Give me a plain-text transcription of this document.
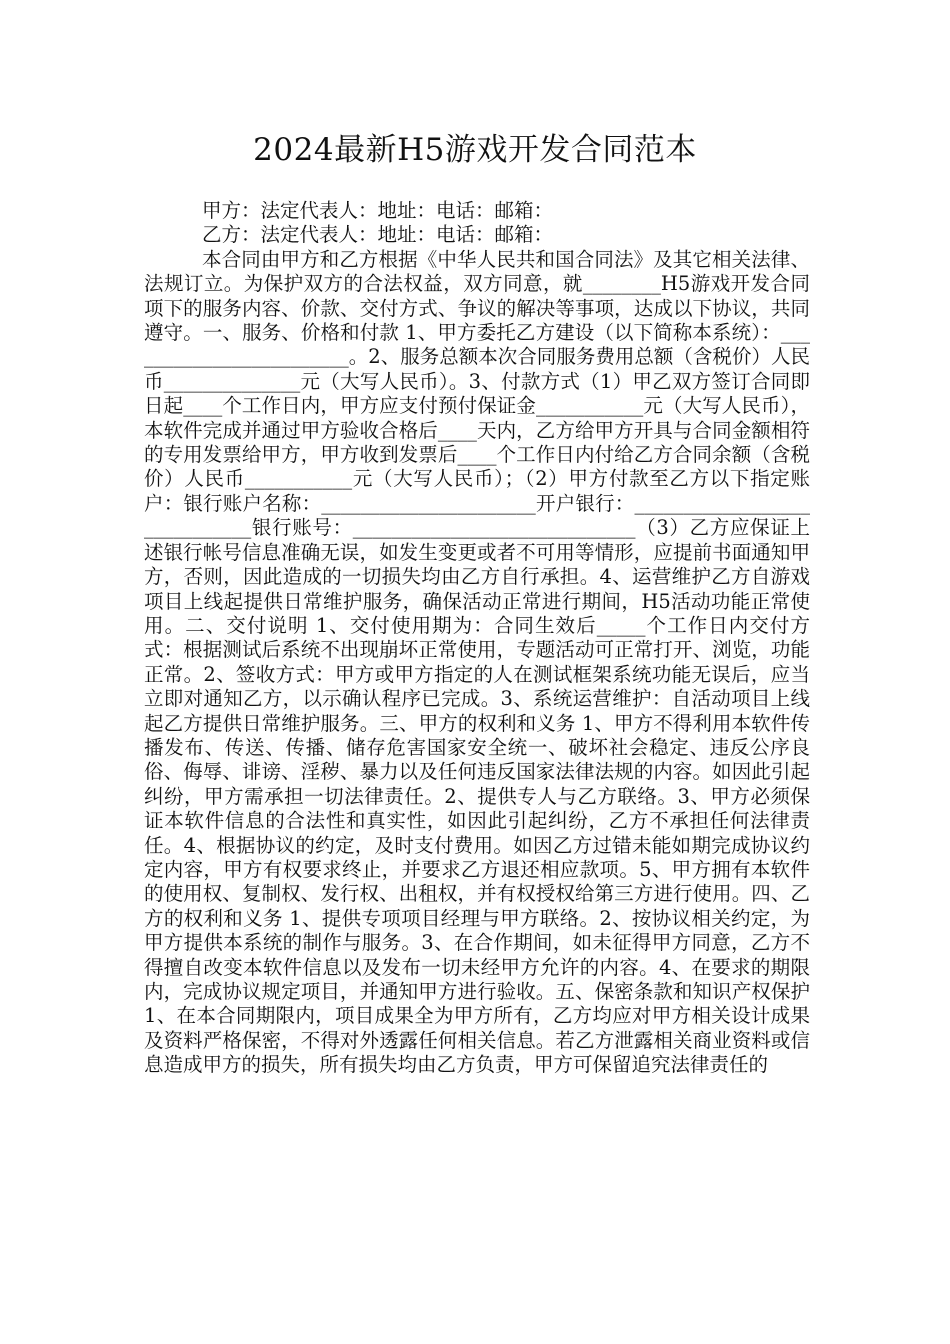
2024最新H5游戏开发合同范本

甲方：法定代表人：地址：电话：邮箱：

乙方：法定代表人：地址：电话：邮箱：

本合同由甲方和乙方根据《中华人民共和国合同法》及其它相关法律、法规订立。为保护双方的合法权益，双方同意，就________H5游戏开发合同项下的服务内容、价款、交付方式、争议的解决等事项，达成以下协议，共同遵守。一、服务、价格和付款 1、甲方委托乙方建设（以下简称本系统）：________________________。2、服务总额本次合同服务费用总额（含税价）人民币______________元（大写人民币）。3、付款方式（1）甲乙双方签订合同即日起____个工作日内，甲方应支付预付保证金___________元（大写人民币），本软件完成并通过甲方验收合格后____天内，乙方给甲方开具与合同金额相符的专用发票给甲方，甲方收到发票后____个工作日内付给乙方合同余额（含税价）人民币___________元（大写人民币）；（2）甲方付款至乙方以下指定账户：银行账户名称：______________________开户银行：_____________________________银行账号：_____________________________（3）乙方应保证上述银行帐号信息准确无误，如发生变更或者不可用等情形，应提前书面通知甲方，否则，因此造成的一切损失均由乙方自行承担。4、运营维护乙方自游戏项目上线起提供日常维护服务，确保活动正常进行期间，H5活动功能正常使用。二、交付说明 1、交付使用期为：合同生效后_____个工作日内交付方式：根据测试后系统不出现崩坏正常使用，专题活动可正常打开、浏览，功能正常。2、签收方式：甲方或甲方指定的人在测试框架系统功能无误后，应当立即对通知乙方，以示确认程序已完成。3、系统运营维护：自活动项目上线起乙方提供日常维护服务。三、甲方的权利和义务 1、甲方不得利用本软件传播发布、传送、传播、储存危害国家安全统一、破坏社会稳定、违反公序良俗、侮辱、诽谤、淫秽、暴力以及任何违反国家法律法规的内容。如因此引起纠纷，甲方需承担一切法律责任。2、提供专人与乙方联络。3、甲方必须保证本软件信息的合法性和真实性，如因此引起纠纷，乙方不承担任何法律责任。4、根据协议的约定，及时支付费用。如因乙方过错未能如期完成协议约定内容，甲方有权要求终止，并要求乙方退还相应款项。5、甲方拥有本软件的使用权、复制权、发行权、出租权，并有权授权给第三方进行使用。四、乙方的权利和义务 1、提供专项项目经理与甲方联络。2、按协议相关约定，为甲方提供本系统的制作与服务。3、在合作期间，如未征得甲方同意，乙方不得擅自改变本软件信息以及发布一切未经甲方允许的内容。4、在要求的期限内，完成协议规定项目，并通知甲方进行验收。五、保密条款和知识产权保护 1、在本合同期限内，项目成果全为甲方所有，乙方均应对甲方相关设计成果及资料严格保密，不得对外透露任何相关信息。若乙方泄露相关商业资料或信息造成甲方的损失，所有损失均由乙方负责，甲方可保留追究法律责任的
